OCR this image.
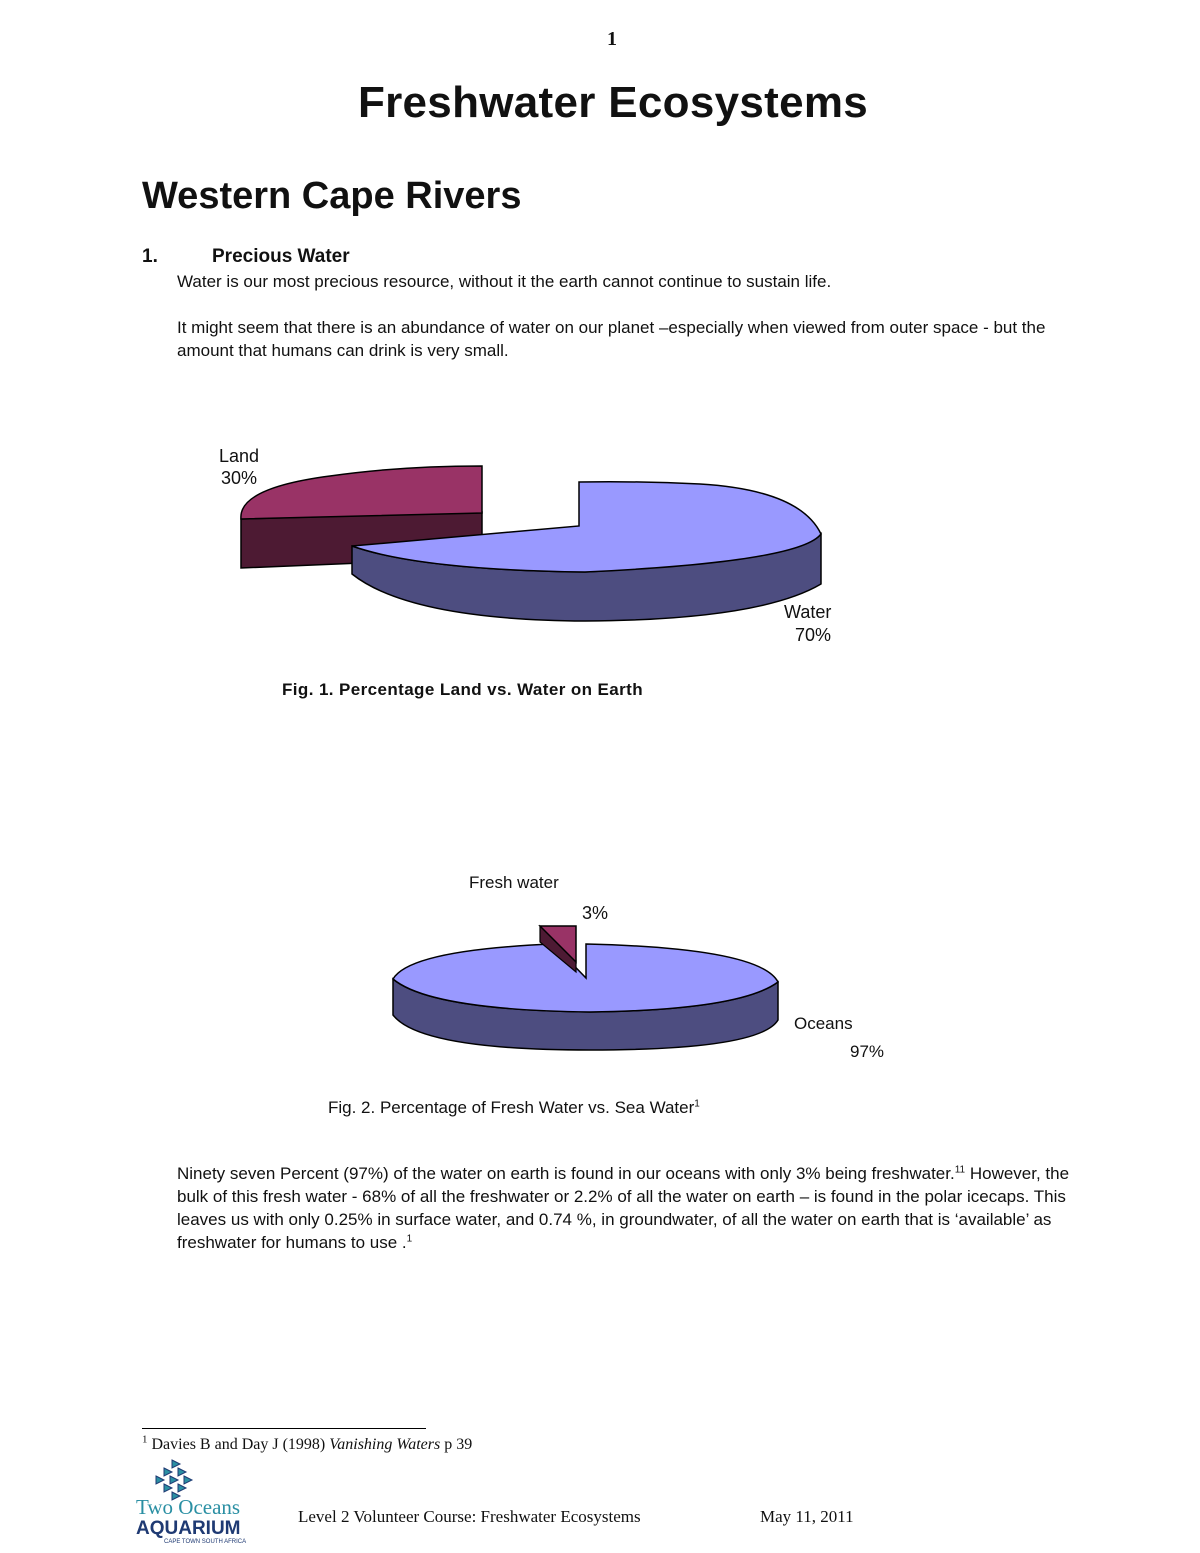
1
Freshwater Ecosystems
Western Cape Rivers
1.	Precious Water
Water is our most precious resource, without it the earth cannot continue to sustain life.
It might seem that there is an abundance of water on our planet –especially when viewed from outer space - but the amount that humans can drink is very small.
Land
30%
Water
70%
Fresh water
3%
Oceans
97%
Fig. 1. Percentage Land vs. Water on Earth
Fig. 2. Percentage of Fresh Water vs. Sea Water$^1$
Ninety seven Percent (97%) of the water on earth is found in our oceans with only 3% being freshwater.$^{11}$ However, the bulk of this fresh water - 68% of all the freshwater or 2.2% of all the water on earth – is found in the polar icecaps. This leaves us with only 0.25% in surface water, and 0.74 %, in groundwater, of all the water on earth that is ‘available’ as freshwater for humans to use .$^1$
$^1$ Davies B and Day J (1998) Vanishing Waters p 39
Two Oceans
AQUARIUM
CAPE TOWN SOUTH AFRICA
Level 2 Volunteer Course: Freshwater Ecosystems	May 11, 2011
